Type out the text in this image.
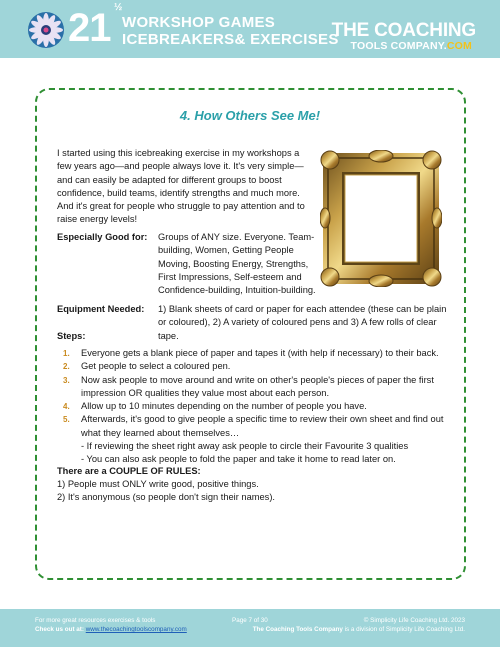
21 ½
WORKSHOP GAMES
ICEBREAKERS& EXERCISES
THE COACHING
TOOLS COMPANY.COM
4. How Others See Me!

I started using this icebreaking exercise in my workshops a few years ago—and people always love it. It's very simple—and can easily be adapted for different groups to boost confidence, build teams, identify strengths and much more. And it's great for people who struggle to pay attention and to raise energy levels!

Especially Good for: Groups of ANY size. Everyone. Team-building, Women, Getting People Moving, Boosting Energy, Strengths, First Impressions, Self-esteem and Confidence-building, Intuition-building.
Equipment Needed: 1) Blank sheets of card or paper for each attendee (these can be plain or coloured), 2) A variety of coloured pens and 3) A few rolls of clear tape.
Steps:
1. Everyone gets a blank piece of paper and tapes it (with help if necessary) to their back.
2. Get people to select a coloured pen.
3. Now ask people to move around and write on other's people's pieces of paper the first impression OR qualities they value most about each person.
4. Allow up to 10 minutes depending on the number of people you have.
5. Afterwards, it's good to give people a specific time to review their own sheet and find out what they learned about themselves…
- If reviewing the sheet right away ask people to circle their Favourite 3 qualities
- You can also ask people to fold the paper and take it home to read later on.
There are a COUPLE OF RULES:
1) People must ONLY write good, positive things.
2) It's anonymous (so people don't sign their names).
For more great resources exercises & tools
Check us out at: www.thecoachingtoolscompany.com
Page 7 of 30	© Simplicity Life Coaching Ltd. 2023
The Coaching Tools Company is a division of Simplicity Life Coaching Ltd.
